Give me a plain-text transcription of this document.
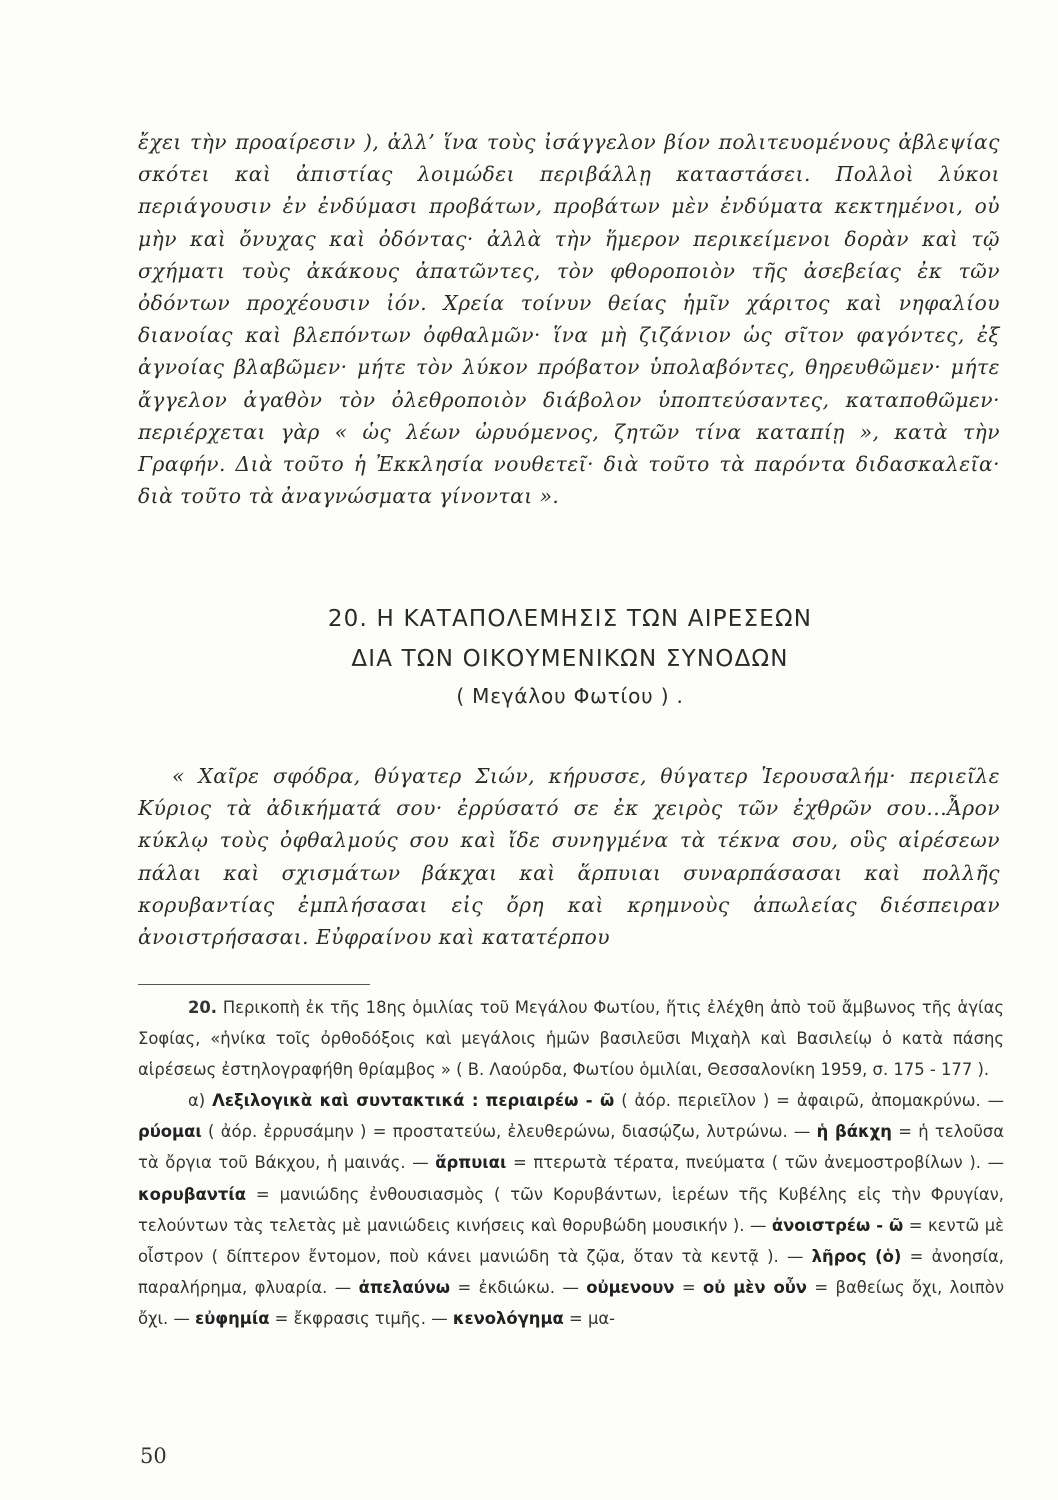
ἔχει τὴν προαίρεσιν ), ἀλλ’ ἵνα τοὺς ἰσάγγελον βίον πολιτευομένους ἀβλεψίας σκότει καὶ ἀπιστίας λοιμώδει περιβάλλῃ καταστάσει. Πολλοὶ λύκοι περιάγουσιν ἐν ἐνδύμασι προβάτων, προβάτων μὲν ἐνδύματα κεκτημένοι, οὐ μὴν καὶ ὄνυχας καὶ ὀδόντας· ἀλλὰ τὴν ἥμερον περικείμενοι δορὰν καὶ τῷ σχήματι τοὺς ἀκάκους ἀπατῶντες, τὸν φθοροποιὸν τῆς ἀσεβείας ἐκ τῶν ὀδόντων προχέουσιν ἰόν. Χρεία τοίνυν θείας ἡμῖν χάριτος καὶ νηφαλίου διανοίας καὶ βλεπόντων ὀφθαλμῶν· ἵνα μὴ ζιζάνιον ὡς σῖτον φαγόντες, ἐξ ἀγνοίας βλαβῶμεν· μήτε τὸν λύκον πρόβατον ὑπολαβόντες, θηρευθῶμεν· μήτε ἄγγελον ἀγαθὸν τὸν ὀλεθροποιὸν διάβολον ὑποπτεύσαντες, καταποθῶμεν· περιέρχεται γὰρ « ὡς λέων ὠρυόμενος, ζητῶν τίνα καταπίῃ », κατὰ τὴν Γραφήν. Διὰ τοῦτο ἡ Ἐκκλησία νουθετεῖ· διὰ τοῦτο τὰ παρόντα διδασκαλεῖα· διὰ τοῦτο τὰ ἀναγνώσματα γίνονται ».

20. Η ΚΑΤΑΠΟΛΕΜΗΣΙΣ ΤΩΝ ΑΙΡΕΣΕΩΝ
ΔΙΑ ΤΩΝ ΟΙΚΟΥΜΕΝΙΚΩΝ ΣΥΝΟΔΩΝ
( Μεγάλου Φωτίου ) .

« Χαῖρε σφόδρα, θύγατερ Σιών, κήρυσσε, θύγατερ Ἱερουσαλήμ· περιεῖλε Κύριος τὰ ἀδικήματά σου· ἐρρύσατό σε ἐκ χειρὸς τῶν ἐχθρῶν σου...Ἆρον κύκλῳ τοὺς ὀφθαλμούς σου καὶ ἴδε συνηγμένα τὰ τέκνα σου, οὓς αἱρέσεων πάλαι καὶ σχισμάτων βάκχαι καὶ ἅρπυιαι συναρπάσασαι καὶ πολλῆς κορυβαντίας ἐμπλήσασαι εἰς ὄρη καὶ κρημνοὺς ἀπωλείας διέσπειραν ἀνοιστρήσασαι. Εὐφραίνου καὶ κατατέρπου

20. Περικοπὴ ἐκ τῆς 18ης ὁμιλίας τοῦ Μεγάλου Φωτίου, ἥτις ἐλέχθη ἀπὸ τοῦ ἄμβωνος τῆς ἁγίας Σοφίας, «ἡνίκα τοῖς ὀρθοδόξοις καὶ μεγάλοις ἡμῶν βασιλεῦσι Μιχαὴλ καὶ Βασιλείῳ ὁ κατὰ πάσης αἱρέσεως ἐστηλογραφήθη θρίαμβος » ( Β. Λαούρδα, Φωτίου ὁμιλίαι, Θεσσαλονίκη 1959, σ. 175 - 177 ).

α) Λεξιλογικὰ καὶ συντακτικά : περιαιρέω - ῶ ( ἀόρ. περιεῖλον ) = ἀφαιρῶ, ἀπομακρύνω. — ρύομαι ( ἀόρ. ἐρρυσάμην ) = προστατεύω, ἐλευθερώνω, διασῴζω, λυτρώνω. — ἡ βάκχη = ἡ τελοῦσα τὰ ὄργια τοῦ Βάκχου, ἡ μαινάς. — ἅρπυιαι = πτερωτὰ τέρατα, πνεύματα ( τῶν ἀνεμοστροβίλων ). — κορυβαντία = μανιώδης ἐνθουσιασμὸς ( τῶν Κορυβάντων, ἱερέων τῆς Κυβέλης εἰς τὴν Φρυγίαν, τελούντων τὰς τελετὰς μὲ μανιώδεις κινήσεις καὶ θορυβώδη μουσικήν ). — ἀνοιστρέω - ῶ = κεντῶ μὲ οἶστρον ( δίπτερον ἔντομον, ποὺ κάνει μανιώδη τὰ ζῷα, ὅταν τὰ κεντᾷ ). — λῆρος (ὁ) = ἀνοησία, παραλήρημα, φλυαρία. — ἀπελαύνω = ἐκδιώκω. — οὐμενουν = οὐ μὲν οὖν = βαθείως ὄχι, λοιπὸν ὄχι. — εὐφημία = ἔκφρασις τιμῆς. — κενολόγημα = μα-

50
